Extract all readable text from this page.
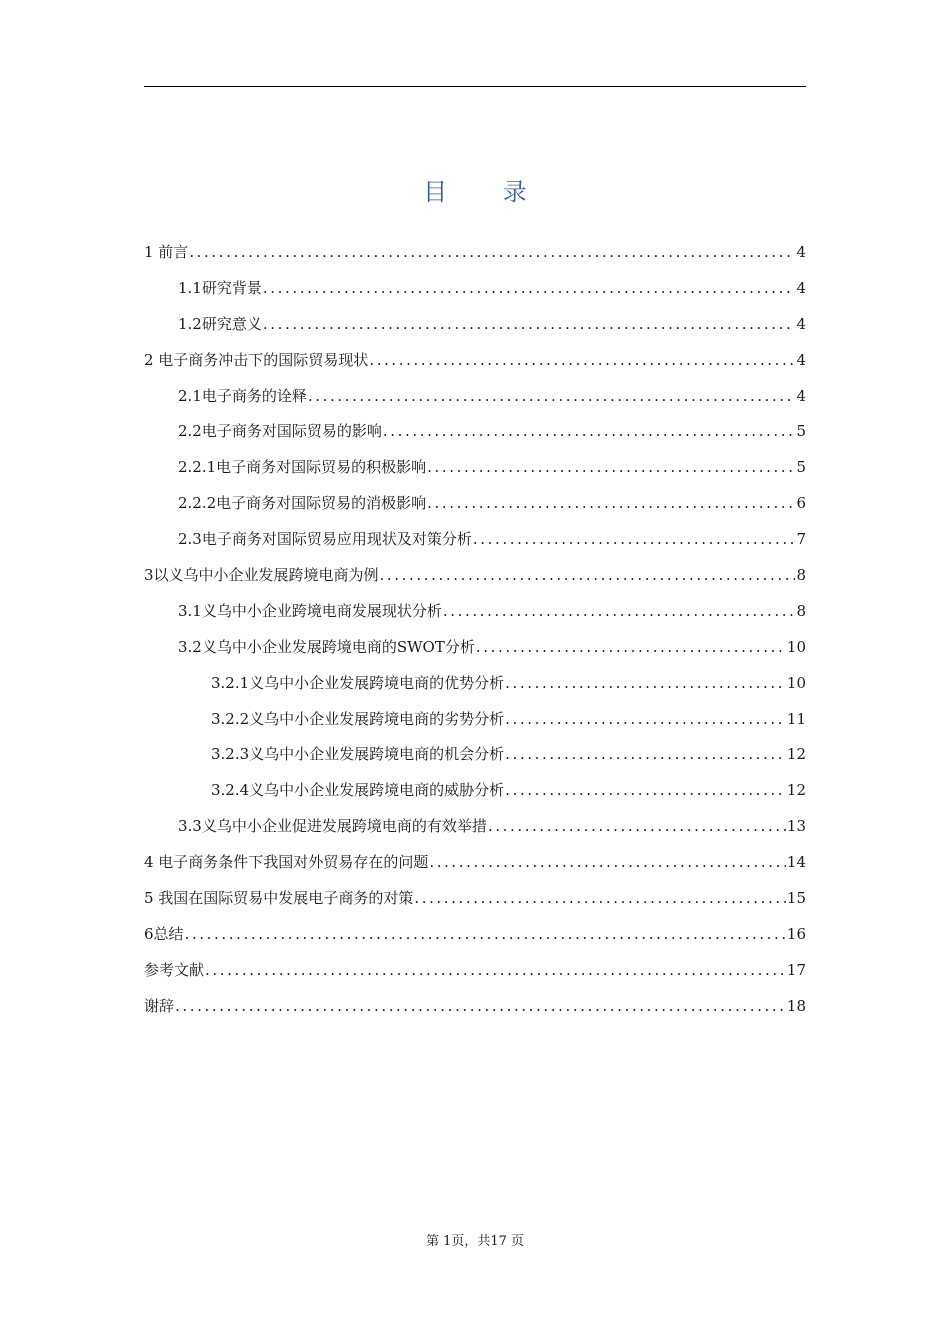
目 录
1 前言 .....	4
1.1研究背景 .....	4
1.2研究意义 .....	4
2 电子商务冲击下的国际贸易现状 .....	4
2.1电子商务的诠释 .....	4
2.2电子商务对国际贸易的影响 .....	5
2.2.1电子商务对国际贸易的积极影响 .....	5
2.2.2电子商务对国际贸易的消极影响 .....	6
2.3电子商务对国际贸易应用现状及对策分析 .....	7
3以义乌中小企业发展跨境电商为例 .....	8
3.1义乌中小企业跨境电商发展现状分析 .....	8
3.2义乌中小企业发展跨境电商的SWOT分析 .....	10
3.2.1义乌中小企业发展跨境电商的优势分析 .....	10
3.2.2义乌中小企业发展跨境电商的劣势分析 .....	11
3.2.3义乌中小企业发展跨境电商的机会分析 .....	12
3.2.4义乌中小企业发展跨境电商的威胁分析 .....	12
3.3义乌中小企业促进发展跨境电商的有效举措 .....	13
4 电子商务条件下我国对外贸易存在的问题 .....	14
5 我国在国际贸易中发展电子商务的对策 .....	15
6总结 .....	16
参考文献 .....	17
谢辞 .....	18
第 1页，共17 页
